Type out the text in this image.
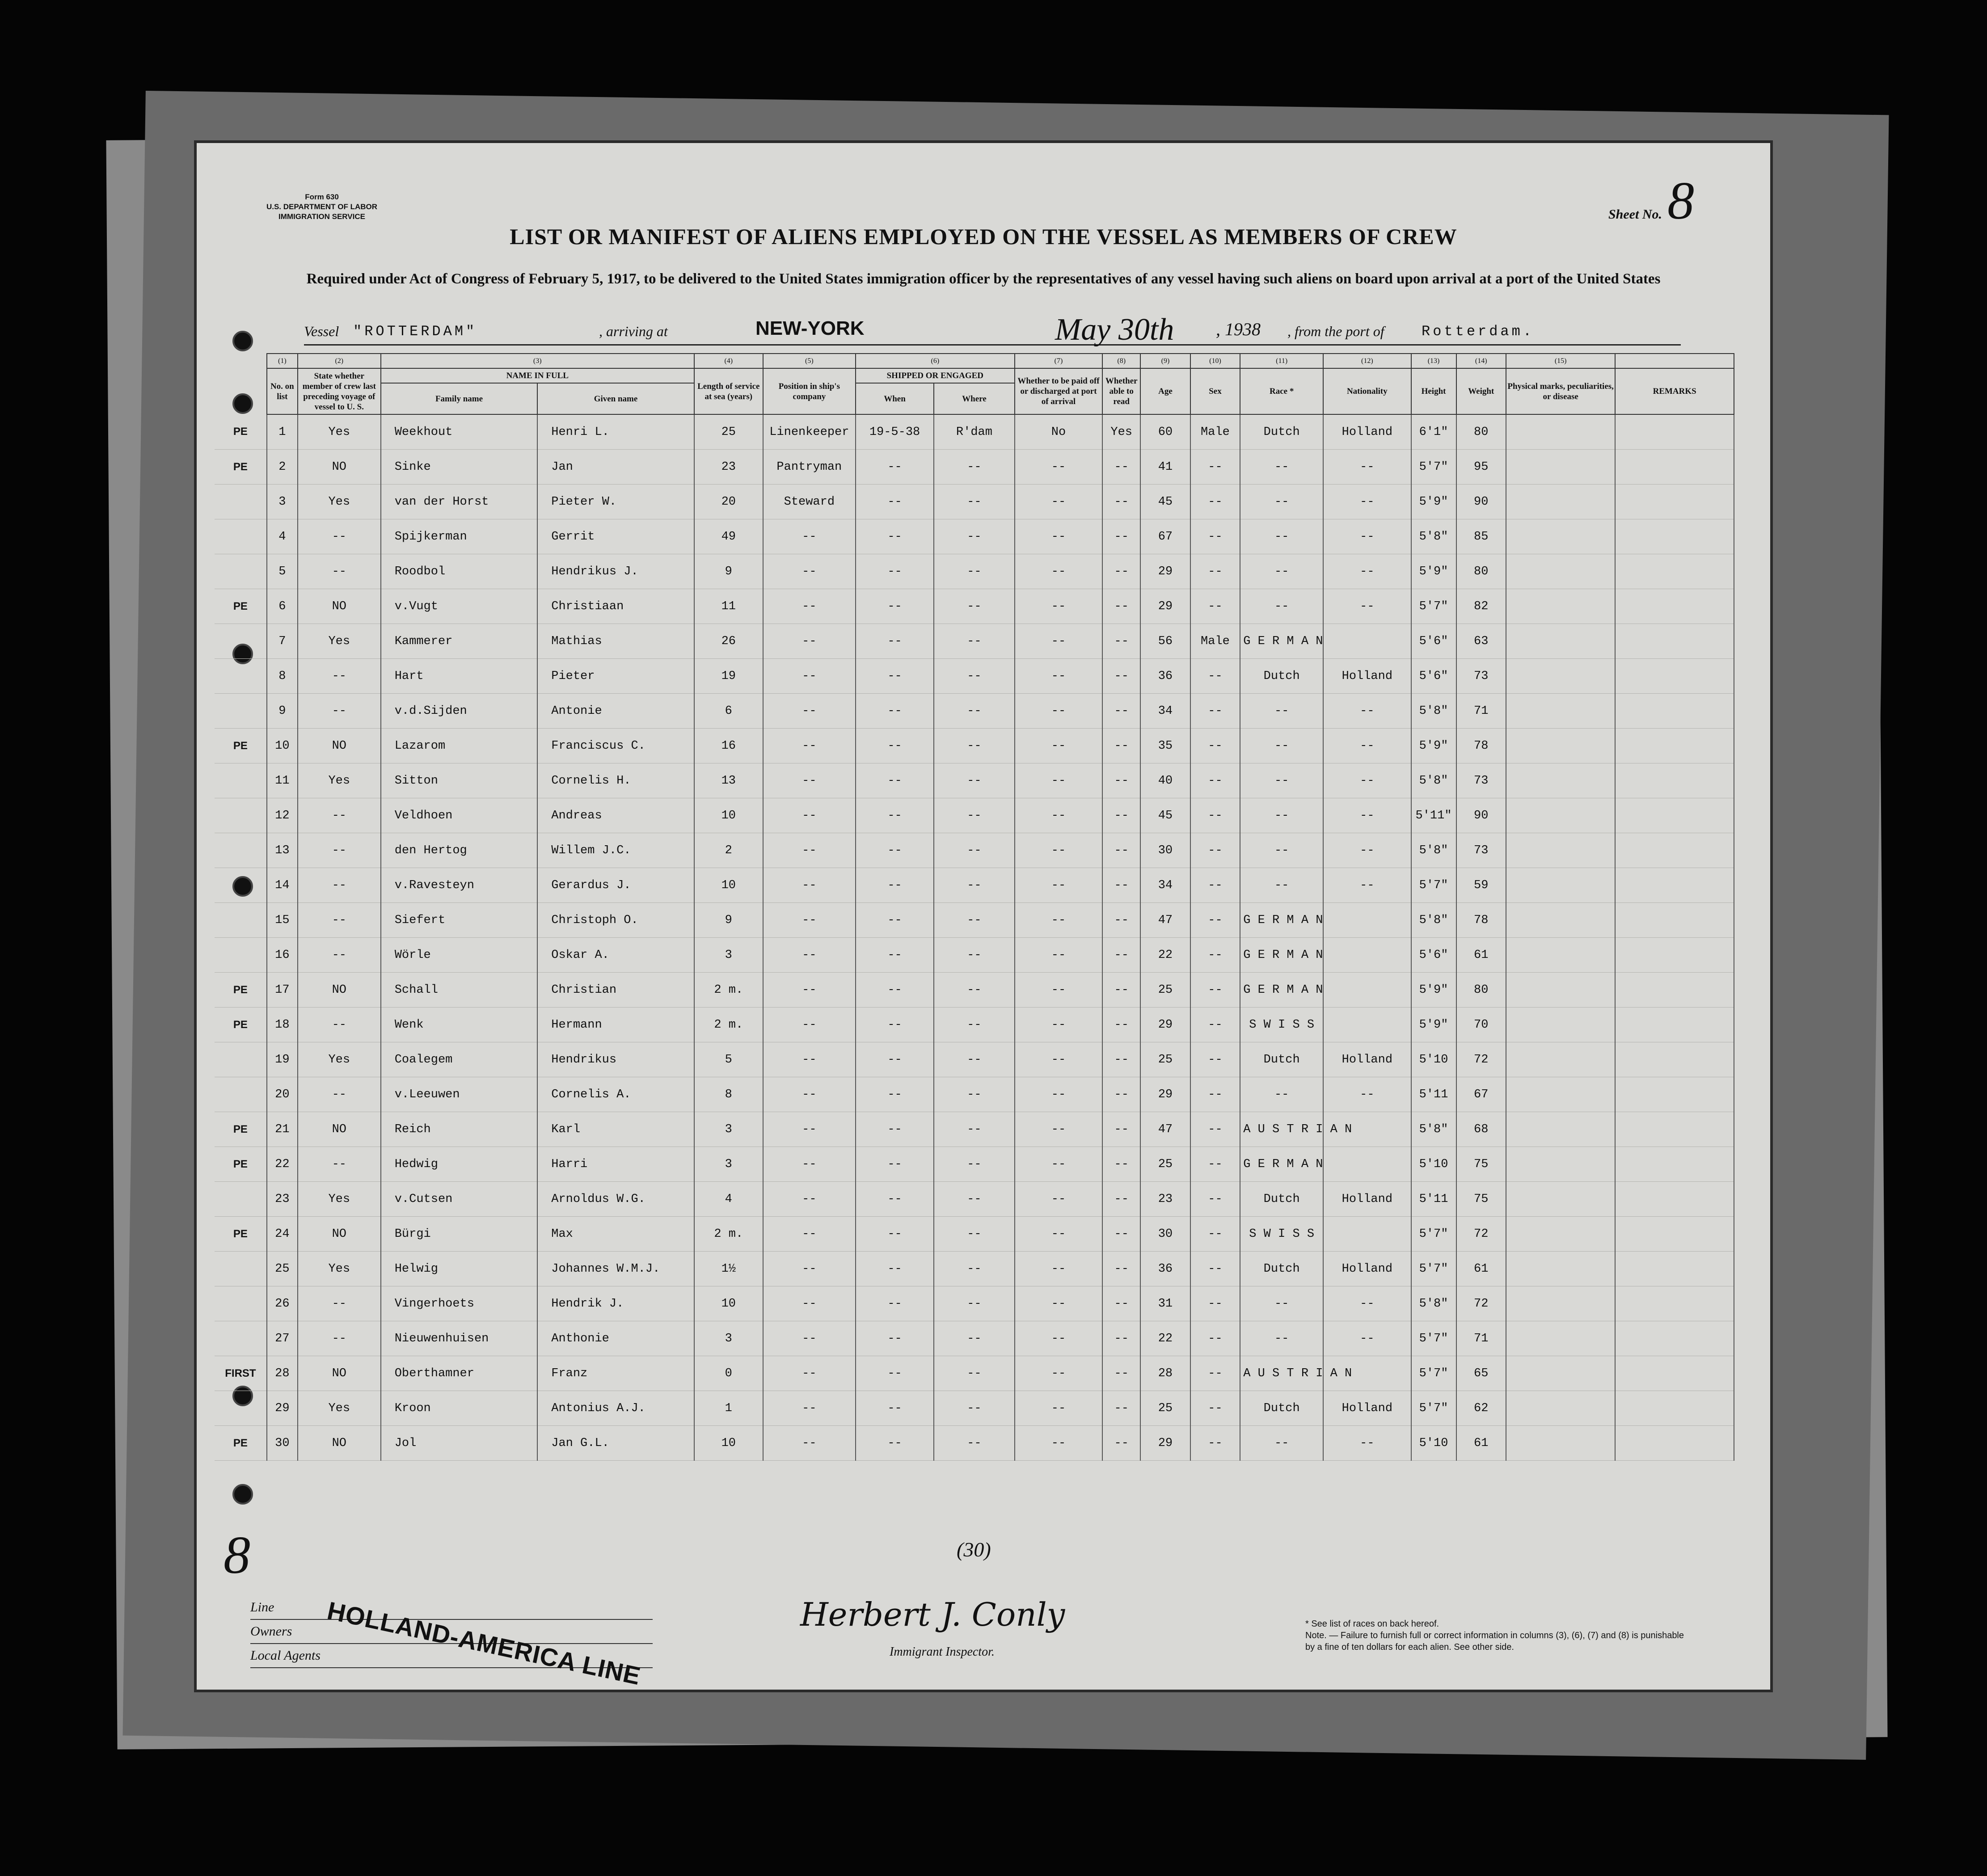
Form 630
U.S. DEPARTMENT OF LABOR
IMMIGRATION SERVICE	Sheet No. 8
LIST OR MANIFEST OF ALIENS EMPLOYED ON THE VESSEL AS MEMBERS OF CREW
Required under Act of Congress of February 5, 1917, to be delivered to the United States immigration officer by the representatives of any vessel having such aliens on board upon arrival at a port of the United States
Vessel "ROTTERDAM"	, arriving at	NEW-YORK	May 30th , 1938 , from the port of	Rotterdam.
	(1)	(2)	(3)		(4)	(5)	(6)		(7)	(8)	(9)	(10)	(11)	(12)	(13)	(14)	(15)	
	No. on list	State whether member of crew last preceding voyage of vessel to U. S.	NAME IN FULL		Length of service at sea (years)	Position in ship's company	SHIPPED OR ENGAGED		Whether to be paid off or discharged at port of arrival	Whether able to read	Age	Sex	Race *	Nationality	Height	Weight	Physical marks, peculiarities, or disease	REMARKS
			Family name	Given name			When	Where										
PE	1	Yes	Weekhout	Henri L.	25	Linenkeeper	19-5-38	R'dam	No	Yes	60	Male	Dutch	Holland	6'1"	80		
PE	2	NO	Sinke	Jan	23	Pantryman	--	--	--	--	41	--	--	--	5'7"	95		
	3	Yes	van der Horst	Pieter W.	20	Steward	--	--	--	--	45	--	--	--	5'9"	90		
	4	--	Spijkerman	Gerrit	49	--	--	--	--	--	67	--	--	--	5'8"	85		
	5	--	Roodbol	Hendrikus J.	9	--	--	--	--	--	29	--	--	--	5'9"	80		
PE	6	NO	v.Vugt	Christiaan	11	--	--	--	--	--	29	--	--	--	5'7"	82		
	7	Yes	Kammerer	Mathias	26	--	--	--	--	--	56	Male	G E R M A N		5'6"	63		
	8	--	Hart	Pieter	19	--	--	--	--	--	36	--	Dutch	Holland	5'6"	73		
	9	--	v.d.Sijden	Antonie	6	--	--	--	--	--	34	--	--	--	5'8"	71		
PE	10	NO	Lazarom	Franciscus C.	16	--	--	--	--	--	35	--	--	--	5'9"	78		
	11	Yes	Sitton	Cornelis H.	13	--	--	--	--	--	40	--	--	--	5'8"	73		
	12	--	Veldhoen	Andreas	10	--	--	--	--	--	45	--	--	--	5'11"	90		
	13	--	den Hertog	Willem J.C.	2	--	--	--	--	--	30	--	--	--	5'8"	73		
	14	--	v.Ravesteyn	Gerardus J.	10	--	--	--	--	--	34	--	--	--	5'7"	59		
	15	--	Siefert	Christoph O.	9	--	--	--	--	--	47	--	G E R M A N		5'8"	78		
	16	--	Wörle	Oskar A.	3	--	--	--	--	--	22	--	G E R M A N		5'6"	61		
PE	17	NO	Schall	Christian	2 m.	--	--	--	--	--	25	--	G E R M A N		5'9"	80		
PE	18	--	Wenk	Hermann	2 m.	--	--	--	--	--	29	--	S W I S S		5'9"	70		
	19	Yes	Coalegem	Hendrikus	5	--	--	--	--	--	25	--	Dutch	Holland	5'10	72		
	20	--	v.Leeuwen	Cornelis A.	8	--	--	--	--	--	29	--	--	--	5'11	67		
PE	21	NO	Reich	Karl	3	--	--	--	--	--	47	--	A U S T R I A N		5'8"	68		
PE	22	--	Hedwig	Harri	3	--	--	--	--	--	25	--	G E R M A N		5'10	75		
	23	Yes	v.Cutsen	Arnoldus W.G.	4	--	--	--	--	--	23	--	Dutch	Holland	5'11	75		
PE	24	NO	Bürgi	Max	2 m.	--	--	--	--	--	30	--	S W I S S		5'7"	72		
	25	Yes	Helwig	Johannes W.M.J.	1½	--	--	--	--	--	36	--	Dutch	Holland	5'7"	61		
	26	--	Vingerhoets	Hendrik J.	10	--	--	--	--	--	31	--	--	--	5'8"	72		
	27	--	Nieuwenhuisen	Anthonie	3	--	--	--	--	--	22	--	--	--	5'7"	71		
FIRST	28	NO	Oberthamner	Franz	0	--	--	--	--	--	28	--	A U S T R I A N		5'7"	65		
	29	Yes	Kroon	Antonius A.J.	1	--	--	--	--	--	25	--	Dutch	Holland	5'7"	62		
PE	30	NO	Jol	Jan G.L.	10	--	--	--	--	--	29	--	--	--	5'10	61		
8	(30)
Line
Owners
Local Agents HOLLAND-AMERICA LINE	Herbert J. Conly
Immigrant Inspector.
* See list of races on back hereof.
Note. — Failure to furnish full or correct information in columns (3), (6), (7) and (8) is punishable by a fine of ten dollars for each alien. See other side.
